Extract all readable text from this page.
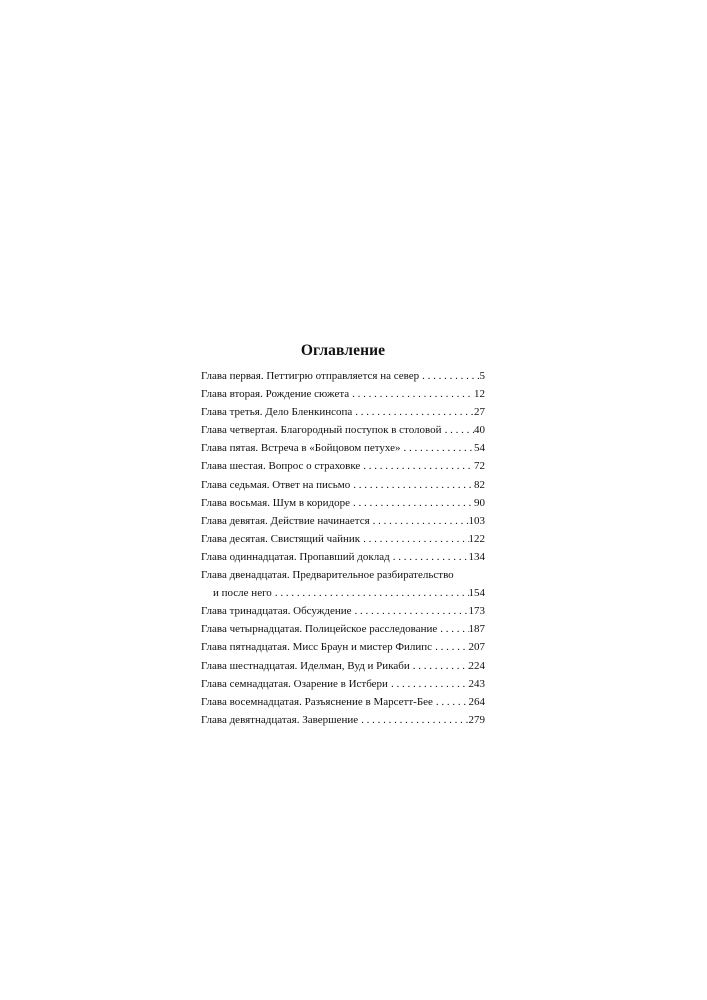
Оглавление
Глава первая. Петтигрю отправляется на север . . .	5
Глава вторая. Рождение сюжета . . .	12
Глава третья. Дело Бленкинсопа . . .	27
Глава четвертая. Благородный поступок в столовой . . .	40
Глава пятая. Встреча в «Бойцовом петухе» . . .	54
Глава шестая. Вопрос о страховке . . .	72
Глава седьмая. Ответ на письмо . . .	82
Глава восьмая. Шум в коридоре . . .	90
Глава девятая. Действие начинается . . .	103
Глава десятая. Свистящий чайник . . .	122
Глава одиннадцатая. Пропавший доклад . . .	134
Глава двенадцатая. Предварительное разбирательство
и после него . . .	154
Глава тринадцатая. Обсуждение . . .	173
Глава четырнадцатая. Полицейское расследование . . .	187
Глава пятнадцатая. Мисс Браун и мистер Филипс . . .	207
Глава шестнадцатая. Иделман, Вуд и Рикаби . . .	224
Глава семнадцатая. Озарение в Истбери . . .	243
Глава восемнадцатая. Разъяснение в Марсетт-Бее . . .	264
Глава девятнадцатая. Завершение . . .	279
